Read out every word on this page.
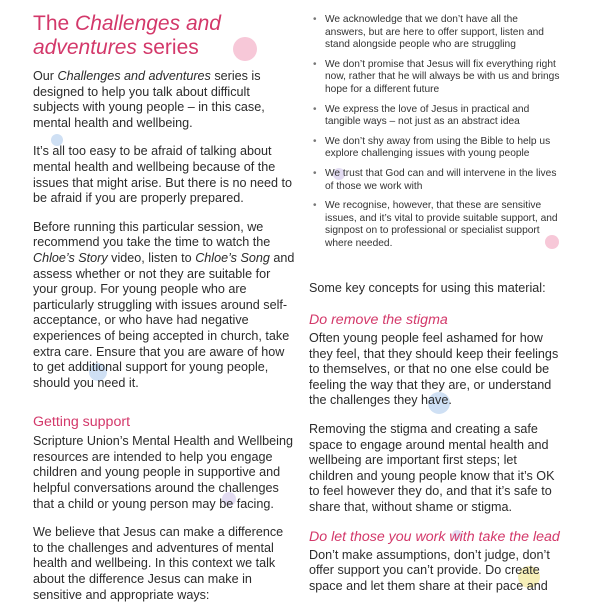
The Challenges and adventures series

Our Challenges and adventures series is designed to help you talk about difficult subjects with young people – in this case, mental health and wellbeing.

It’s all too easy to be afraid of talking about mental health and wellbeing because of the issues that might arise. But there is no need to be afraid if you are properly prepared.

Before running this particular session, we recommend you take the time to watch the Chloe’s Story video, listen to Chloe’s Song and assess whether or not they are suitable for your group. For young people who are particularly struggling with issues around self-acceptance, or who have had negative experiences of being accepted in church, take extra care. Ensure that you are aware of how to get additional support for young people, should you need it.

Getting support

Scripture Union’s Mental Health and Wellbeing resources are intended to help you engage children and young people in supportive and helpful conversations around the challenges that a child or young person may be facing.

We believe that Jesus can make a difference to the challenges and adventures of mental health and wellbeing. In this context we talk about the difference Jesus can make in sensitive and appropriate ways:

• We acknowledge that we don’t have all the answers, but are here to offer support, listen and stand alongside people who are struggling
• We don’t promise that Jesus will fix everything right now, rather that he will always be with us and brings hope for a different future
• We express the love of Jesus in practical and tangible ways – not just as an abstract idea
• We don’t shy away from using the Bible to help us explore challenging issues with young people
• We trust that God can and will intervene in the lives of those we work with
• We recognise, however, that these are sensitive issues, and it’s vital to provide suitable support, and signpost on to professional or specialist support where needed.

Some key concepts for using this material:

Do remove the stigma

Often young people feel ashamed for how they feel, that they should keep their feelings to themselves, or that no one else could be feeling the way that they are, or understand the challenges they have.

Removing the stigma and creating a safe space to engage around mental health and wellbeing are important first steps; let children and young people know that it’s OK to feel however they do, and that it’s safe to share that, without shame or stigma.

Do let those you work with take the lead

Don’t make assumptions, don’t judge, don’t offer support you can’t provide. Do create space and let them share at their pace and
